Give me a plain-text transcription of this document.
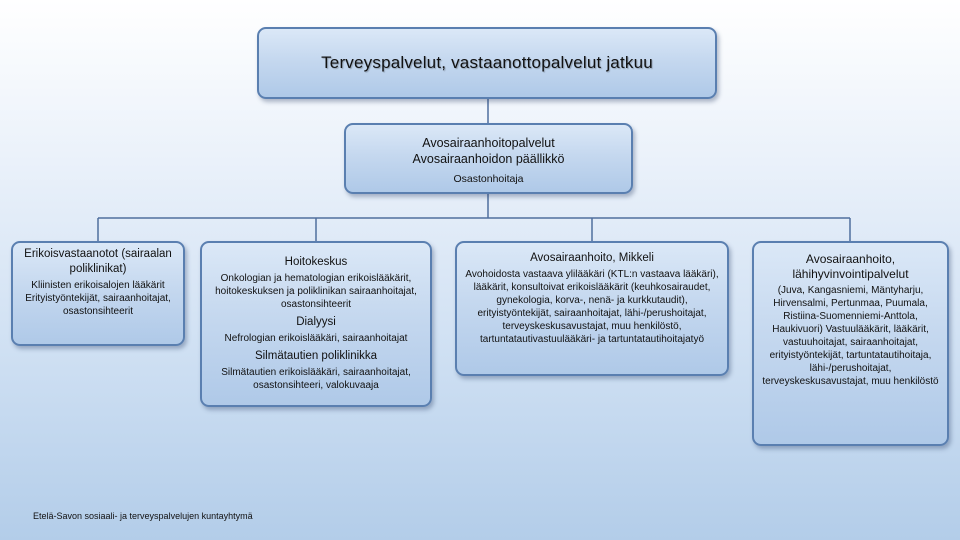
Terveyspalvelut, vastaanottopalvelut jatkuu
Avosairaanhoitopalvelut
Avosairaanhoidon päällikkö
Osastonhoitaja
Erikoisvastaanotot (sairaalan poliklinikat)
Kliinisten erikoisalojen lääkärit Erityistyöntekijät, sairaanhoitajat, osastonsihteerit
Hoitokeskus
Onkologian ja hematologian erikoislääkärit, hoitokeskuksen ja poliklinikan sairaanhoitajat, osastonsihteerit
Dialyysi
Nefrologian erikoislääkäri, sairaanhoitajat
Silmätautien poliklinikka
Silmätautien erikoislääkäri, sairaanhoitajat, osastonsihteeri, valokuvaaja
Avosairaanhoito, Mikkeli
Avohoidosta vastaava ylilääkäri (KTL:n vastaava lääkäri), lääkärit, konsultoivat erikoislääkärit (keuhkosairaudet, gynekologia, korva-, nenä- ja kurkkutaudit), erityistyöntekijät, sairaanhoitajat, lähi-/perushoitajat, terveyskeskusavustajat, muu henkilöstö, tartuntatautivastuulääkäri- ja tartuntatautihoitajatyö
Avosairaanhoito, lähihyvinvointipalvelut
(Juva, Kangasniemi, Mäntyharju, Hirvensalmi, Pertunmaa, Puumala, Ristiina-Suomenniemi-Anttola, Haukivuori) Vastuulääkärit, lääkärit, vastuuhoitajat, sairaanhoitajat, erityistyöntekijät, tartuntatautihoitaja, lähi-/perushoitajat, terveyskeskusavustajat, muu henkilöstö
Etelä-Savon sosiaali- ja terveyspalvelujen kuntayhtymä
